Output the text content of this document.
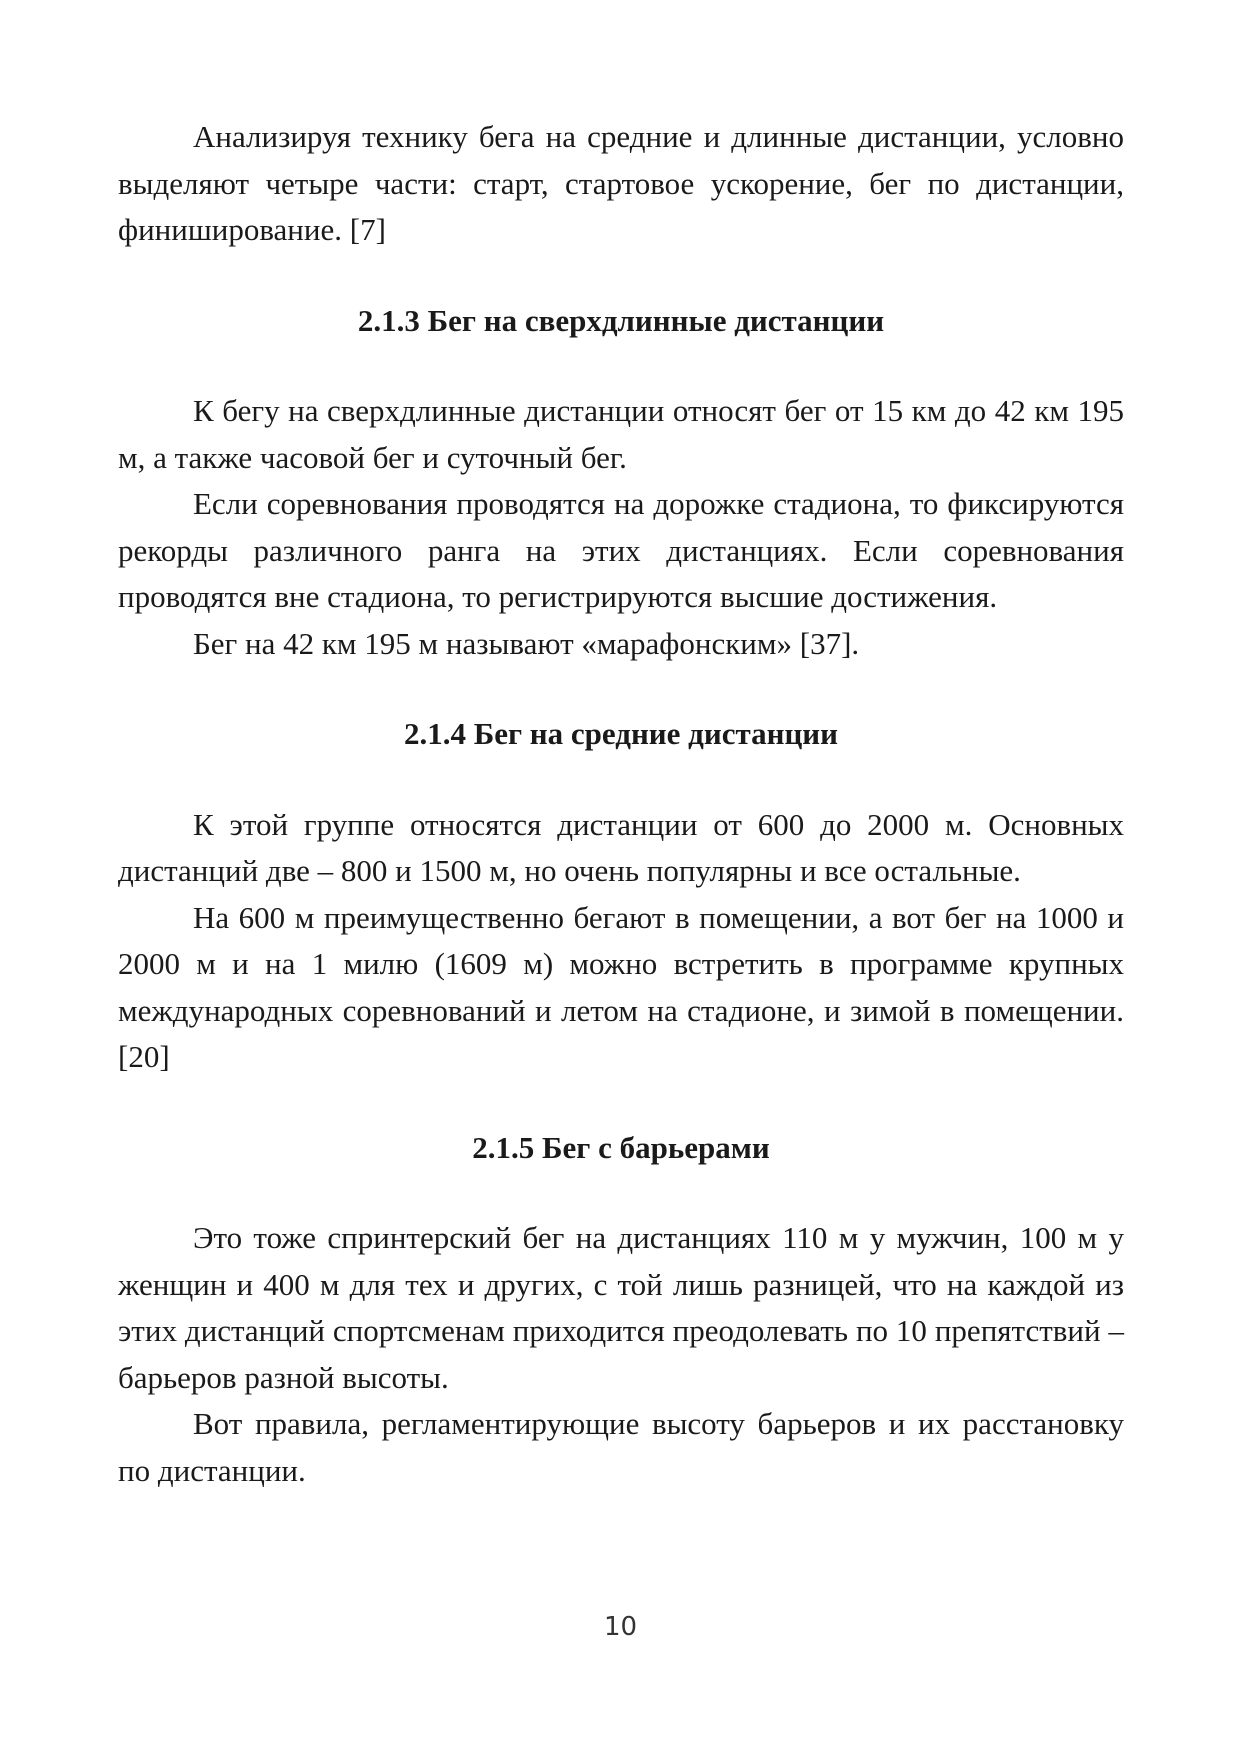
Анализируя технику бега на средние и длинные дистанции, условно выделяют четыре части: старт, стартовое ускорение, бег по дистанции, финиширование. [7]

2.1.3 Бег на сверхдлинные дистанции

К бегу на сверхдлинные дистанции относят бег от 15 км до 42 км 195 м, а также часовой бег и суточный бег.

Если соревнования проводятся на дорожке стадиона, то фиксируются рекорды различного ранга на этих дистанциях. Если соревнования проводятся вне стадиона, то регистрируются высшие достижения.

Бег на 42 км 195 м называют «марафонским» [37].

2.1.4 Бег на средние дистанции

К этой группе относятся дистанции от 600 до 2000 м. Основных дистанций две – 800 и 1500 м, но очень популярны и все остальные.

На 600 м преимущественно бегают в помещении, а вот бег на 1000 и 2000 м и на 1 милю (1609 м) можно встретить в программе крупных международных соревнований и летом на стадионе, и зимой в помещении. [20]

2.1.5 Бег с барьерами

Это тоже спринтерский бег на дистанциях 110 м у мужчин, 100 м у женщин и 400 м для тех и других, с той лишь разницей, что на каждой из этих дистанций спортсменам приходится преодолевать по 10 препятствий – барьеров разной высоты.

Вот правила, регламентирующие высоту барьеров и их расстановку по дистанции.

10
